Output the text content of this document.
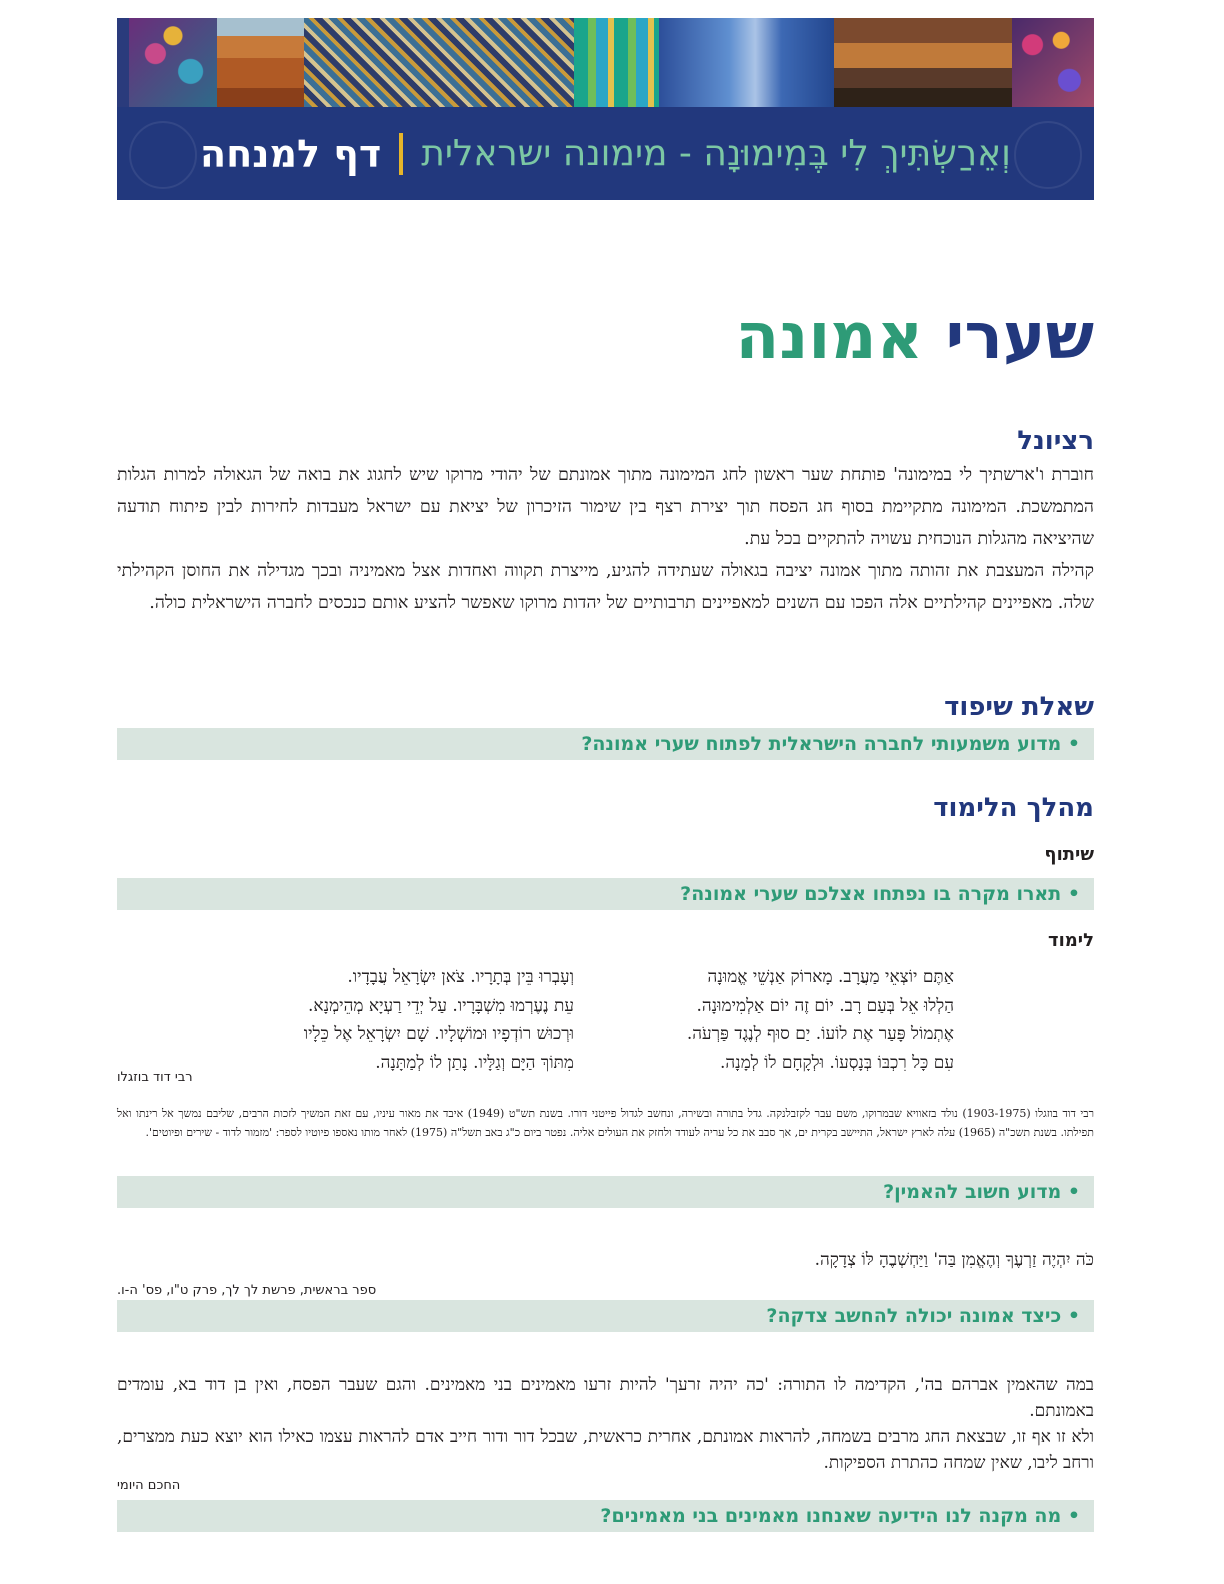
וְאֵרַשְׂתִּיךְ לִי בֶּמִימוּנָה - מימונה ישראלית
דף למנחה
שערי אמונה
רציונל

חוברת ו'ארשתיך לי במימונה' פותחת שער ראשון לחג המימונה מתוך אמונתם של יהודי מרוקו שיש לחגוג את בואה של הגאולה למרות הגלות המתמשכת. המימונה מתקיימת בסוף חג הפסח תוך יצירת רצף בין שימור הזיכרון של יציאת עם ישראל מעבדות לחירות לבין פיתוח תודעה שהיציאה מהגלות הנוכחית עשויה להתקיים בכל עת.

קהילה המעצבת את זהותה מתוך אמונה יציבה בגאולה שעתידה להגיע, מייצרת תקווה ואחדות אצל מאמיניה ובכך מגדילה את החוסן הקהילתי שלה. מאפיינים קהילתיים אלה הפכו עם השנים למאפיינים תרבותיים של יהדות מרוקו שאפשר להציע אותם כנכסים לחברה הישראלית כולה.

שאלת שיפוד
• מדוע משמעותי לחברה הישראלית לפתוח שערי אמונה?
מהלך הלימוד
שיתוף
• תארו מקרה בו נפתחו אצלכם שערי אמונה?
לימוד
אַתֶּם יוֹצְאֵי מַעֲרָב. מָארוֹק אַנְשֵׁי אֱמוּנָה
הַלְלוּ אֵל בְּעַם רָב. יוֹם זֶה יוֹם אַלְמִימוּנָה.
אֶתְמוֹל פָּעַר אֶת לוֹעוֹ. יַם סוּף לְנֶגֶד פַּרְעֹה.
עִם כָּל רִכְבּוֹ בְּנָסְעוֹ. וּלְקָחָם לוֹ לְמָנָה.
וְעָבְרוּ בֵּין בְּתָרָיו. צֹאן יִשְׂרָאֵל עֲבָדָיו.
עֵת נֶעֶרְמוּ מִשְׁבָּרָיו. עַל יְדֵי רַעְיָא מְהֵימְנָא.
וּרְכוּשׁ רוֹדְפָיו וּמוֹשְׁלָיו. שָׁם יִשְׂרָאֵל אֶל כֵּלָיו
מִתּוֹךְ הַיָּם וְגַלָּיו. נָתַן לוֹ לְמַתָּנָה.
רבי דוד בוזגלו
רבי דוד בוזגלו (1903-1975) נולד בזאוויא שבמרוקו, משם עבר לקזבלנקה. גדל בתורה ובשירה, ונחשב לגדול פייטני דורו. בשנת תש"ט (1949) איבד את מאור עיניו, עם זאת המשיך לזכות הרבים, שליבם נמשך אל רינתו ואל תפילתו. בשנת תשכ"ה (1965) עלה לארץ ישראל, התיישב בקרית ים, אך סבב את כל עריה לעודד ולחזק את העולים אליה. נפטר ביום כ"ג באב תשל"ה (1975) לאחר מותו נאספו פיוטיו לספר: 'מזמור לדוד - שירים ופיוטים'.
• מדוע חשוב להאמין?
כֹּה יִהְיֶה זַרְעֶךָ וְהֶאֱמִן בַּה' וַיַּחְשְׁבֶהָ לּוֹ צְדָקָה.
ספר בראשית, פרשת לך לך, פרק ט"ו, פס' ה-ו.
• כיצד אמונה יכולה להחשב צדקה?

במה שהאמין אברהם בה', הקדימה לו התורה: 'כה יהיה זרעך' להיות זרעו מאמינים בני מאמינים. והגם שעבר הפסח, ואין בן דוד בא, עומדים באמונתם.

ולא זו אף זו, שבצאת החג מרבים בשמחה, להראות אמונתם, אחרית כראשית, שבכל דור ודור חייב אדם להראות עצמו כאילו הוא יוצא כעת ממצרים, ורחב ליבו, שאין שמחה כהתרת הספיקות.

החכם היומי
• מה מקנה לנו הידיעה שאנחנו מאמינים בני מאמינים?
